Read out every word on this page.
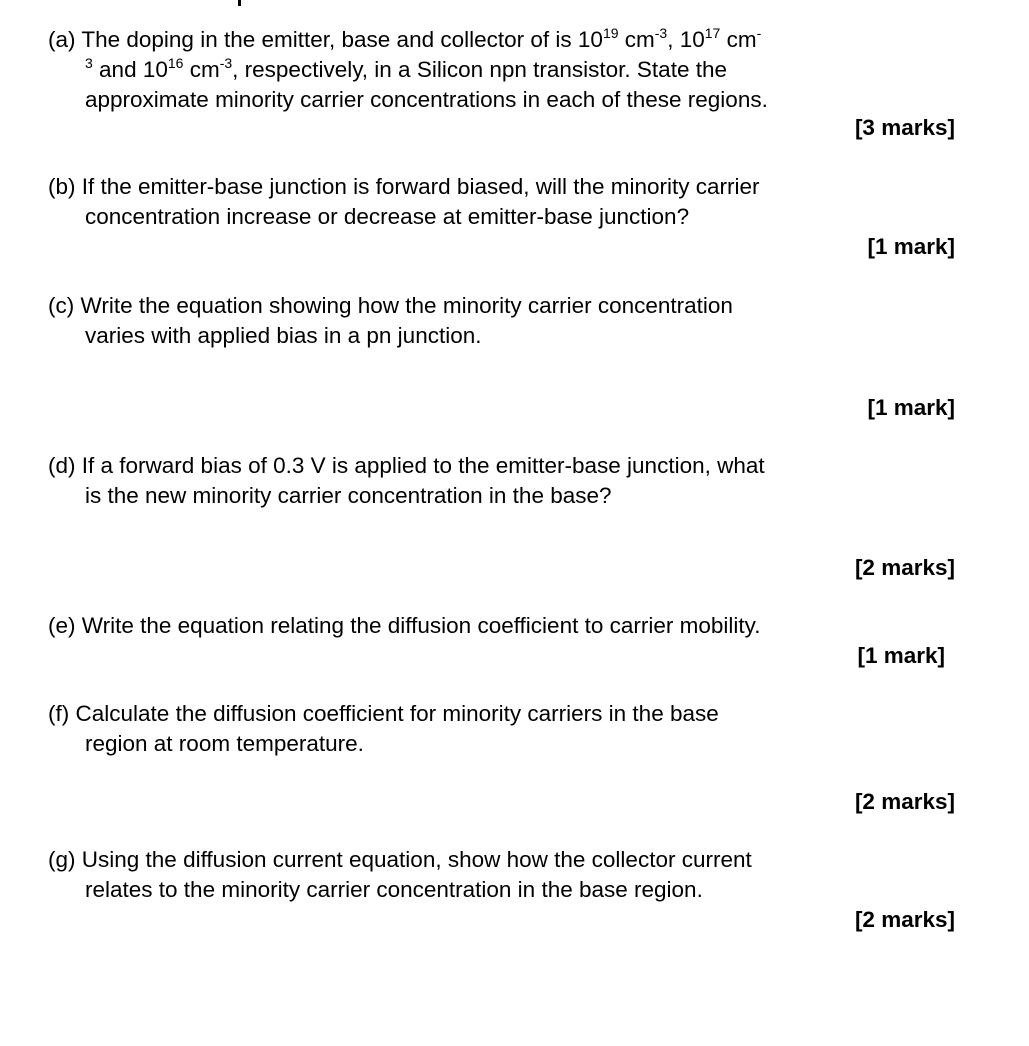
(a) The doping in the emitter, base and collector of is $10^{19}$ $cm^{-3}$, $10^{17}$ cm-
$^3$ and $10^{16}$ $cm^{-3}$, respectively, in a Silicon npn transistor. State the
approximate minority carrier concentrations in each of these regions.
[3 marks]
(b) If the emitter-base junction is forward biased, will the minority carrier
concentration increase or decrease at emitter-base junction?
[1 mark]
(c) Write the equation showing how the minority carrier concentration
varies with applied bias in a pn junction.
[1 mark]
(d) If a forward bias of 0.3 V is applied to the emitter-base junction, what
is the new minority carrier concentration in the base?
[2 marks]
(e) Write the equation relating the diffusion coefficient to carrier mobility.
[1 mark]
(f) Calculate the diffusion coefficient for minority carriers in the base
region at room temperature.
[2 marks]
(g) Using the diffusion current equation, show how the collector current
relates to the minority carrier concentration in the base region.
[2 marks]
